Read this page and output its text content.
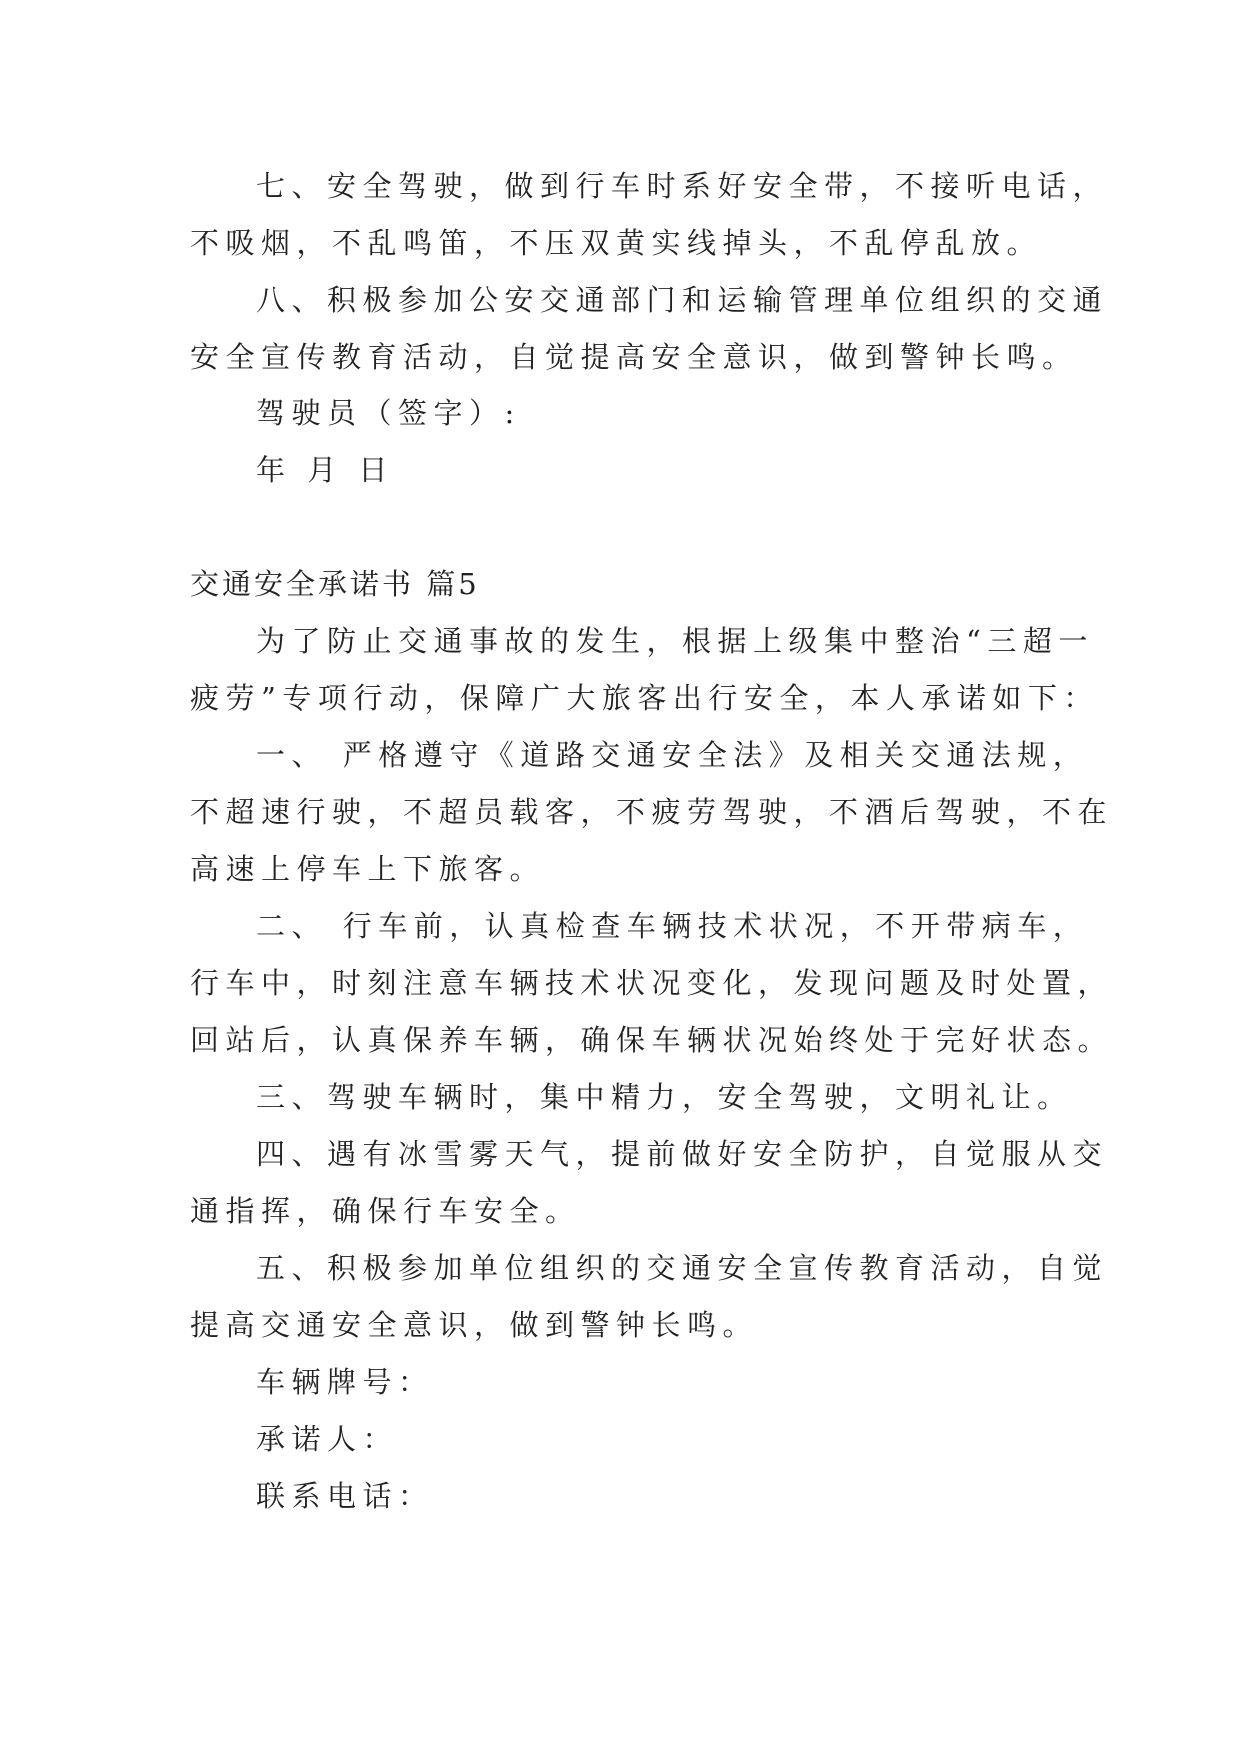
七、安全驾驶，做到行车时系好安全带，不接听电话，
不吸烟，不乱鸣笛，不压双黄实线掉头，不乱停乱放。
八、积极参加公安交通部门和运输管理单位组织的交通
安全宣传教育活动，自觉提高安全意识，做到警钟长鸣。
驾驶员（签字）:
年 月 日
交通安全承诺书 篇5
为了防止交通事故的发生，根据上级集中整治“三超一
疲劳”专项行动，保障广大旅客出行安全，本人承诺如下：
一、 严格遵守《道路交通安全法》及相关交通法规，
不超速行驶，不超员载客，不疲劳驾驶，不酒后驾驶，不在
高速上停车上下旅客。
二、 行车前，认真检查车辆技术状况，不开带病车，
行车中，时刻注意车辆技术状况变化，发现问题及时处置，
回站后，认真保养车辆，确保车辆状况始终处于完好状态。
三、驾驶车辆时，集中精力，安全驾驶，文明礼让。
四、遇有冰雪雾天气，提前做好安全防护，自觉服从交
通指挥，确保行车安全。
五、积极参加单位组织的交通安全宣传教育活动，自觉
提高交通安全意识，做到警钟长鸣。
车辆牌号：
承诺人：
联系电话：
